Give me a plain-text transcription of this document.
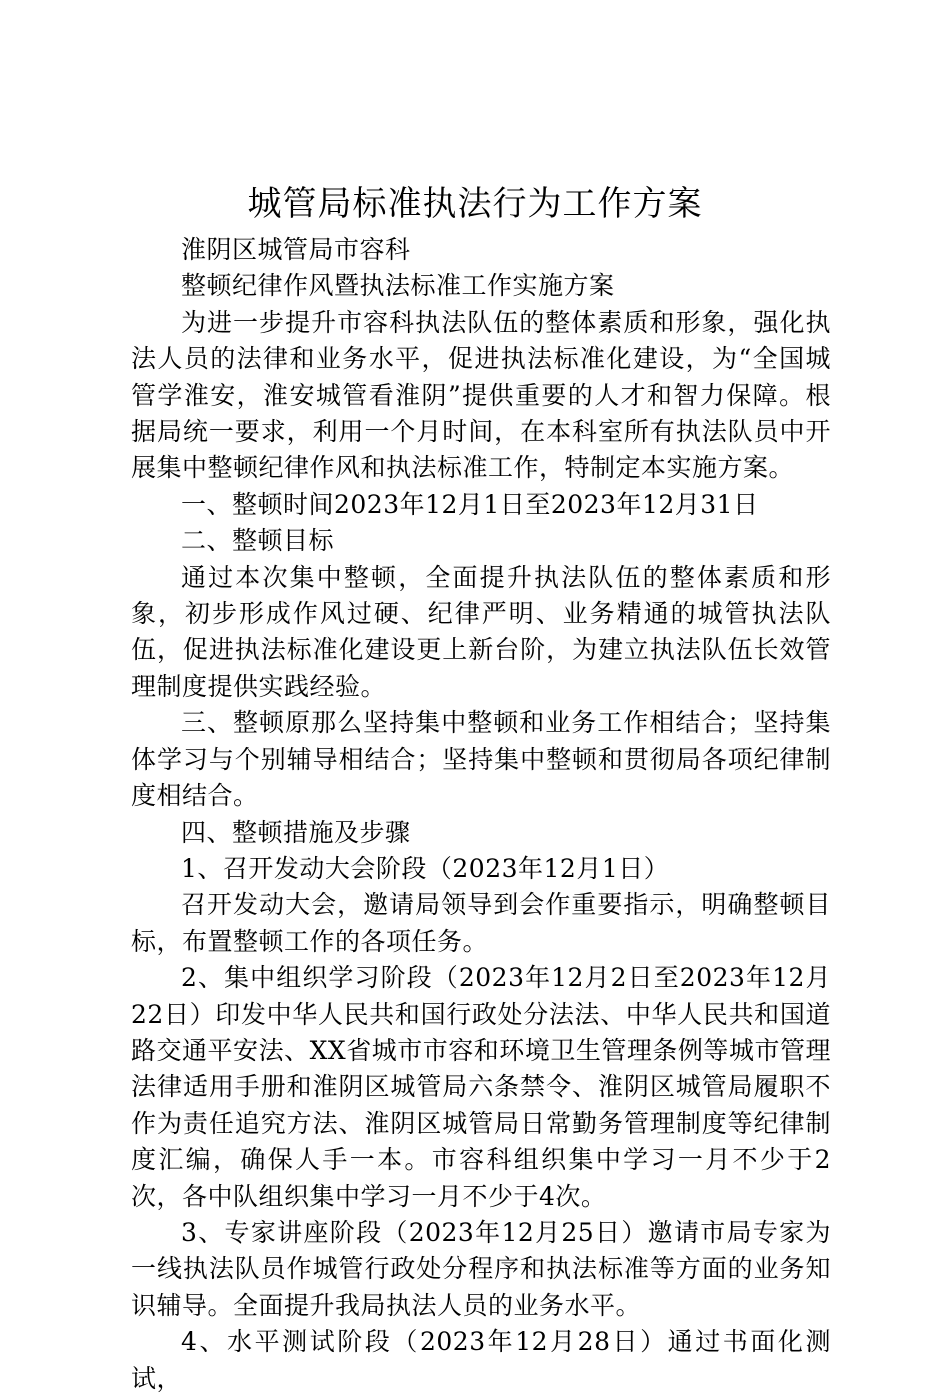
城管局标准执法行为工作方案

淮阴区城管局市容科

整顿纪律作风暨执法标准工作实施方案

为进一步提升市容科执法队伍的整体素质和形象，强化执法人员的法律和业务水平，促进执法标准化建设，为“全国城管学淮安，淮安城管看淮阴”提供重要的人才和智力保障。根据局统一要求，利用一个月时间，在本科室所有执法队员中开展集中整顿纪律作风和执法标准工作，特制定本实施方案。

一、整顿时间2023年12月1日至2023年12月31日

二、整顿目标

通过本次集中整顿，全面提升执法队伍的整体素质和形象，初步形成作风过硬、纪律严明、业务精通的城管执法队伍，促进执法标准化建设更上新台阶，为建立执法队伍长效管理制度提供实践经验。

三、整顿原那么坚持集中整顿和业务工作相结合；坚持集体学习与个别辅导相结合；坚持集中整顿和贯彻局各项纪律制度相结合。

四、整顿措施及步骤

1、召开发动大会阶段（2023年12月1日）

召开发动大会，邀请局领导到会作重要指示，明确整顿目标，布置整顿工作的各项任务。

2、集中组织学习阶段（2023年12月2日至2023年12月22日）印发中华人民共和国行政处分法法、中华人民共和国道路交通平安法、XX省城市市容和环境卫生管理条例等城市管理法律适用手册和淮阴区城管局六条禁令、淮阴区城管局履职不作为责任追究方法、淮阴区城管局日常勤务管理制度等纪律制度汇编，确保人手一本。市容科组织集中学习一月不少于2次，各中队组织集中学习一月不少于4次。

3、专家讲座阶段（2023年12月25日）邀请市局专家为一线执法队员作城管行政处分程序和执法标准等方面的业务知识辅导。全面提升我局执法人员的业务水平。

4、水平测试阶段（2023年12月28日）通过书面化测试，
